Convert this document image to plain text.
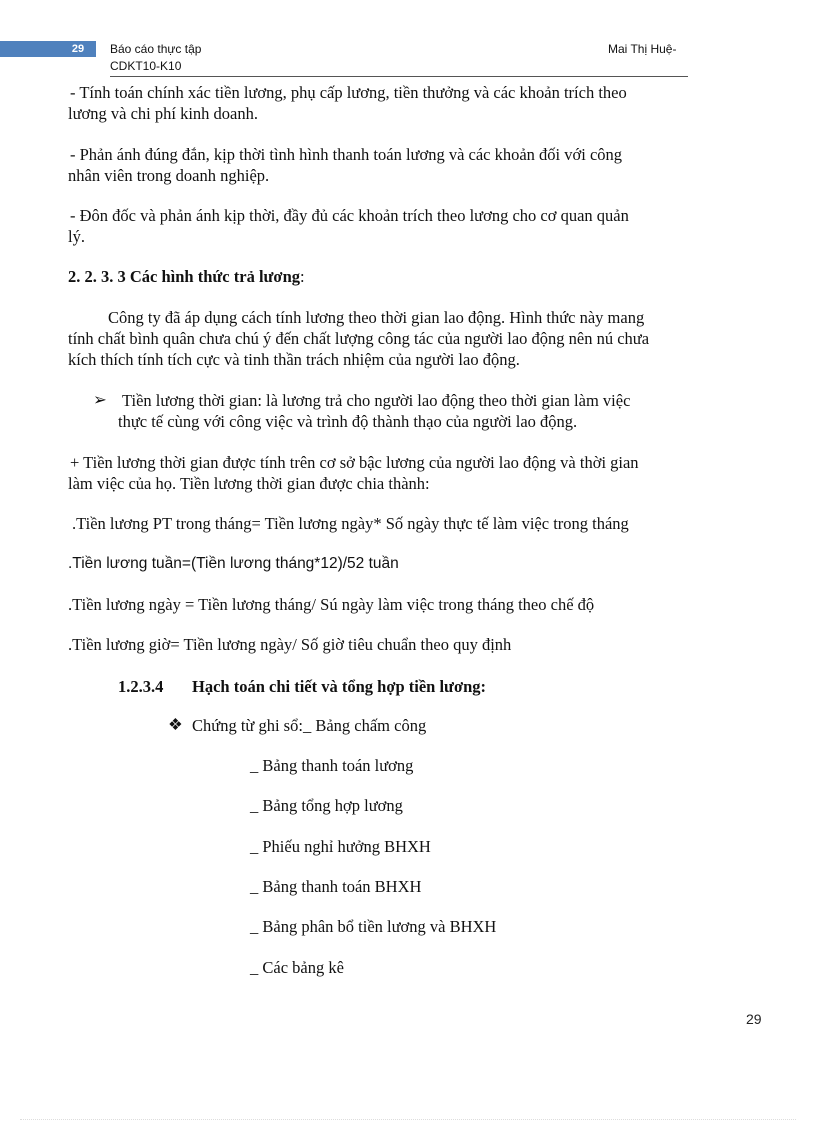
29	Báo cáo thực tập	Mai Thị Huệ-
CDKT10-K10
- Tính toán chính xác tiền lương, phụ cấp lương, tiền thưởng và các khoản trích theo
lương và chi phí kinh doanh.
- Phản ánh đúng đắn, kịp thời tình hình thanh toán lương và các khoản đối với công
nhân viên trong doanh nghiệp.
- Đôn đốc và phản ánh kịp thời, đầy đủ các khoản trích theo lương cho cơ quan quản
lý.
2. 2. 3. 3 Các hình thức trả lương:
Công ty đã áp dụng cách tính lương theo thời gian lao động. Hình thức này mang
tính chất bình quân chưa chú ý đến chất lượng công tác của người lao động nên nú chưa
kích thích tính tích cực và tinh thần trách nhiệm của người lao động.
➢ Tiền lương thời gian: là lương trả cho người lao động theo thời gian làm việc
thực tế cùng với công việc và trình độ thành thạo của người lao động.
+ Tiền lương thời gian được tính trên cơ sở bậc lương của người lao động và thời gian
làm việc của họ. Tiền lương thời gian được chia thành:
.Tiền lương PT trong tháng= Tiền lương ngày* Số ngày thực tế làm việc trong tháng
.Tiền lương tuần=(Tiền lương tháng*12)/52 tuần
.Tiền lương ngày = Tiền lương tháng/ Sú ngày làm việc trong tháng theo chế độ
.Tiền lương giờ= Tiền lương ngày/ Số giờ tiêu chuẩn theo quy định
1.2.3.4 Hạch toán chi tiết và tổng hợp tiền lương:
❖ Chứng từ ghi sổ:_ Bảng chấm công
_ Bảng thanh toán lương
_ Bảng tổng hợp lương
_ Phiếu nghỉ hưởng BHXH
_ Bảng thanh toán BHXH
_ Bảng phân bổ tiền lương và BHXH
_ Các bảng kê
29
